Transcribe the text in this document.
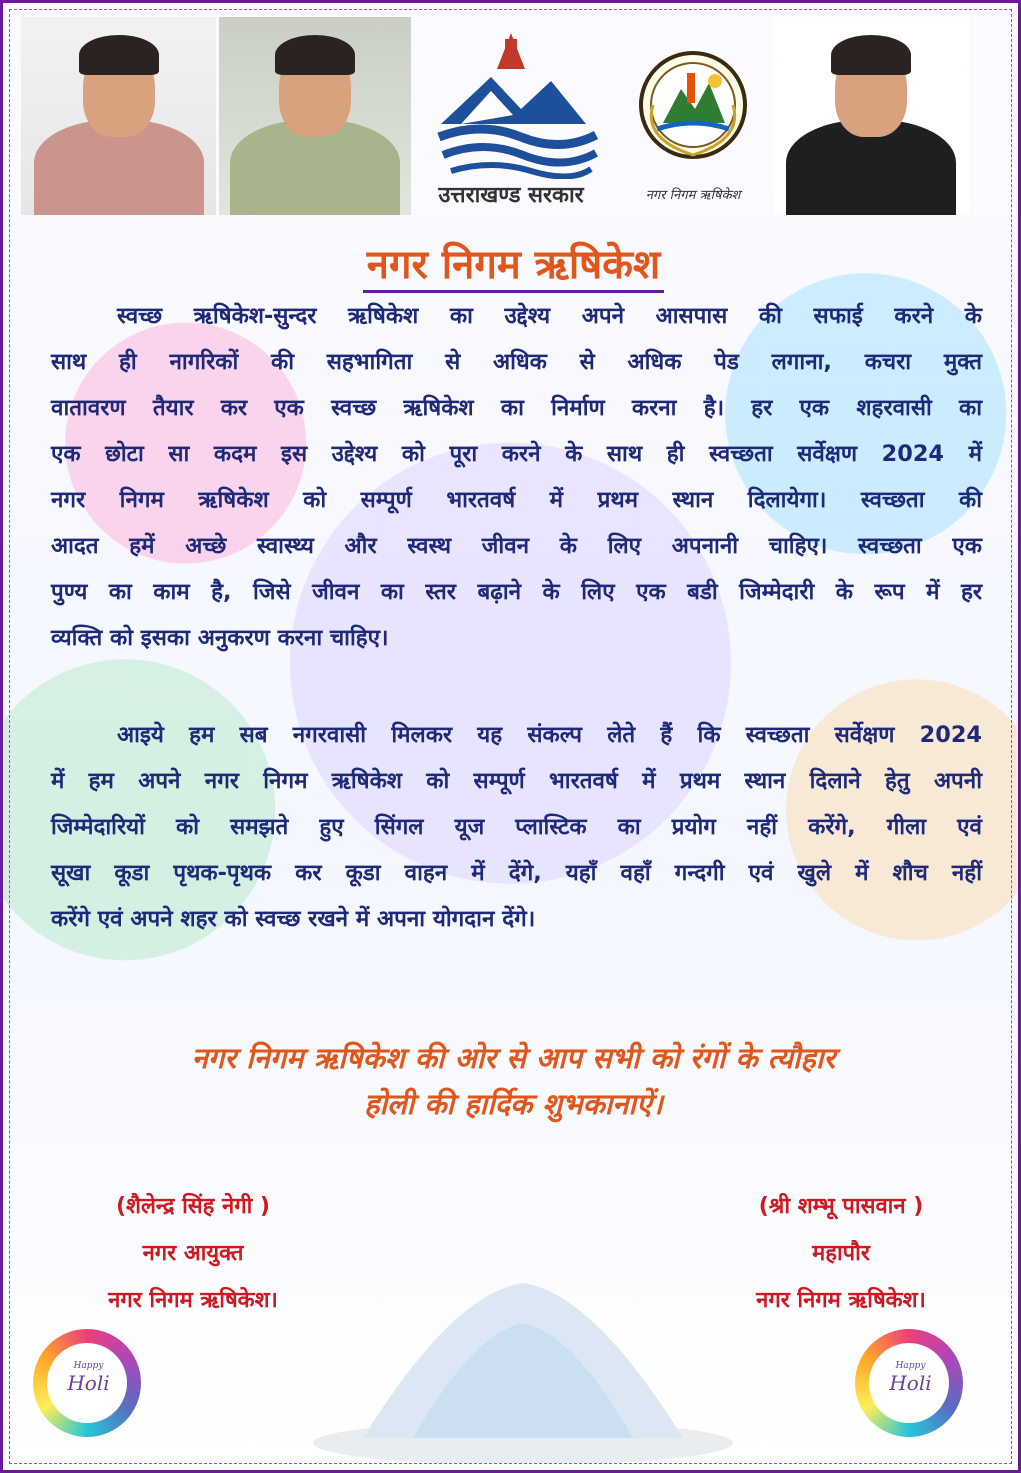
उत्तराखण्ड सरकार	नगर निगम ऋषिकेश
नगर निगम ऋषिकेश

स्वच्छ ऋषिकेश-सुन्दर ऋषिकेश का उद्देश्य अपने आसपास की सफाई करने के
साथ ही नागरिकों की सहभागिता से अधिक से अधिक पेड लगाना, कचरा मुक्त
वातावरण तैयार कर एक स्वच्छ ऋषिकेश का निर्माण करना है। हर एक शहरवासी का
एक छोटा सा कदम इस उद्देश्य को पूरा करने के साथ ही स्वच्छता सर्वेक्षण 2024 में
नगर निगम ऋषिकेश को सम्पूर्ण भारतवर्ष में प्रथम स्थान दिलायेगा। स्वच्छता की
आदत हमें अच्छे स्वास्थ्य और स्वस्थ जीवन के लिए अपनानी चाहिए। स्वच्छता एक
पुण्य का काम है, जिसे जीवन का स्तर बढ़ाने के लिए एक बडी जिम्मेदारी के रूप में हर
व्यक्ति को इसका अनुकरण करना चाहिए।

आइये हम सब नगरवासी मिलकर यह संकल्प लेते हैं कि स्वच्छता सर्वेक्षण 2024
में हम अपने नगर निगम ऋषिकेश को सम्पूर्ण भारतवर्ष में प्रथम स्थान दिलाने हेतु अपनी
जिम्मेदारियों को समझते हुए सिंगल यूज प्लास्टिक का प्रयोग नहीं करेंगे, गीला एवं
सूखा कूडा पृथक-पृथक कर कूडा वाहन में देंगे, यहाँ वहाँ गन्दगी एवं खुले में शौच नहीं
करेंगे एवं अपने शहर को स्वच्छ रखने में अपना योगदान देंगे।

नगर निगम ऋषिकेश की ओर से आप सभी को रंगों के त्यौहार
होली की हार्दिक शुभकानाऐं।
(शैलेन्द्र सिंह नेगी )
नगर आयुक्त
नगर निगम ऋषिकेश।
(श्री शम्भू पासवान )
महापौर
नगर निगम ऋषिकेश।
Happy
Holi
Happy
Holi
